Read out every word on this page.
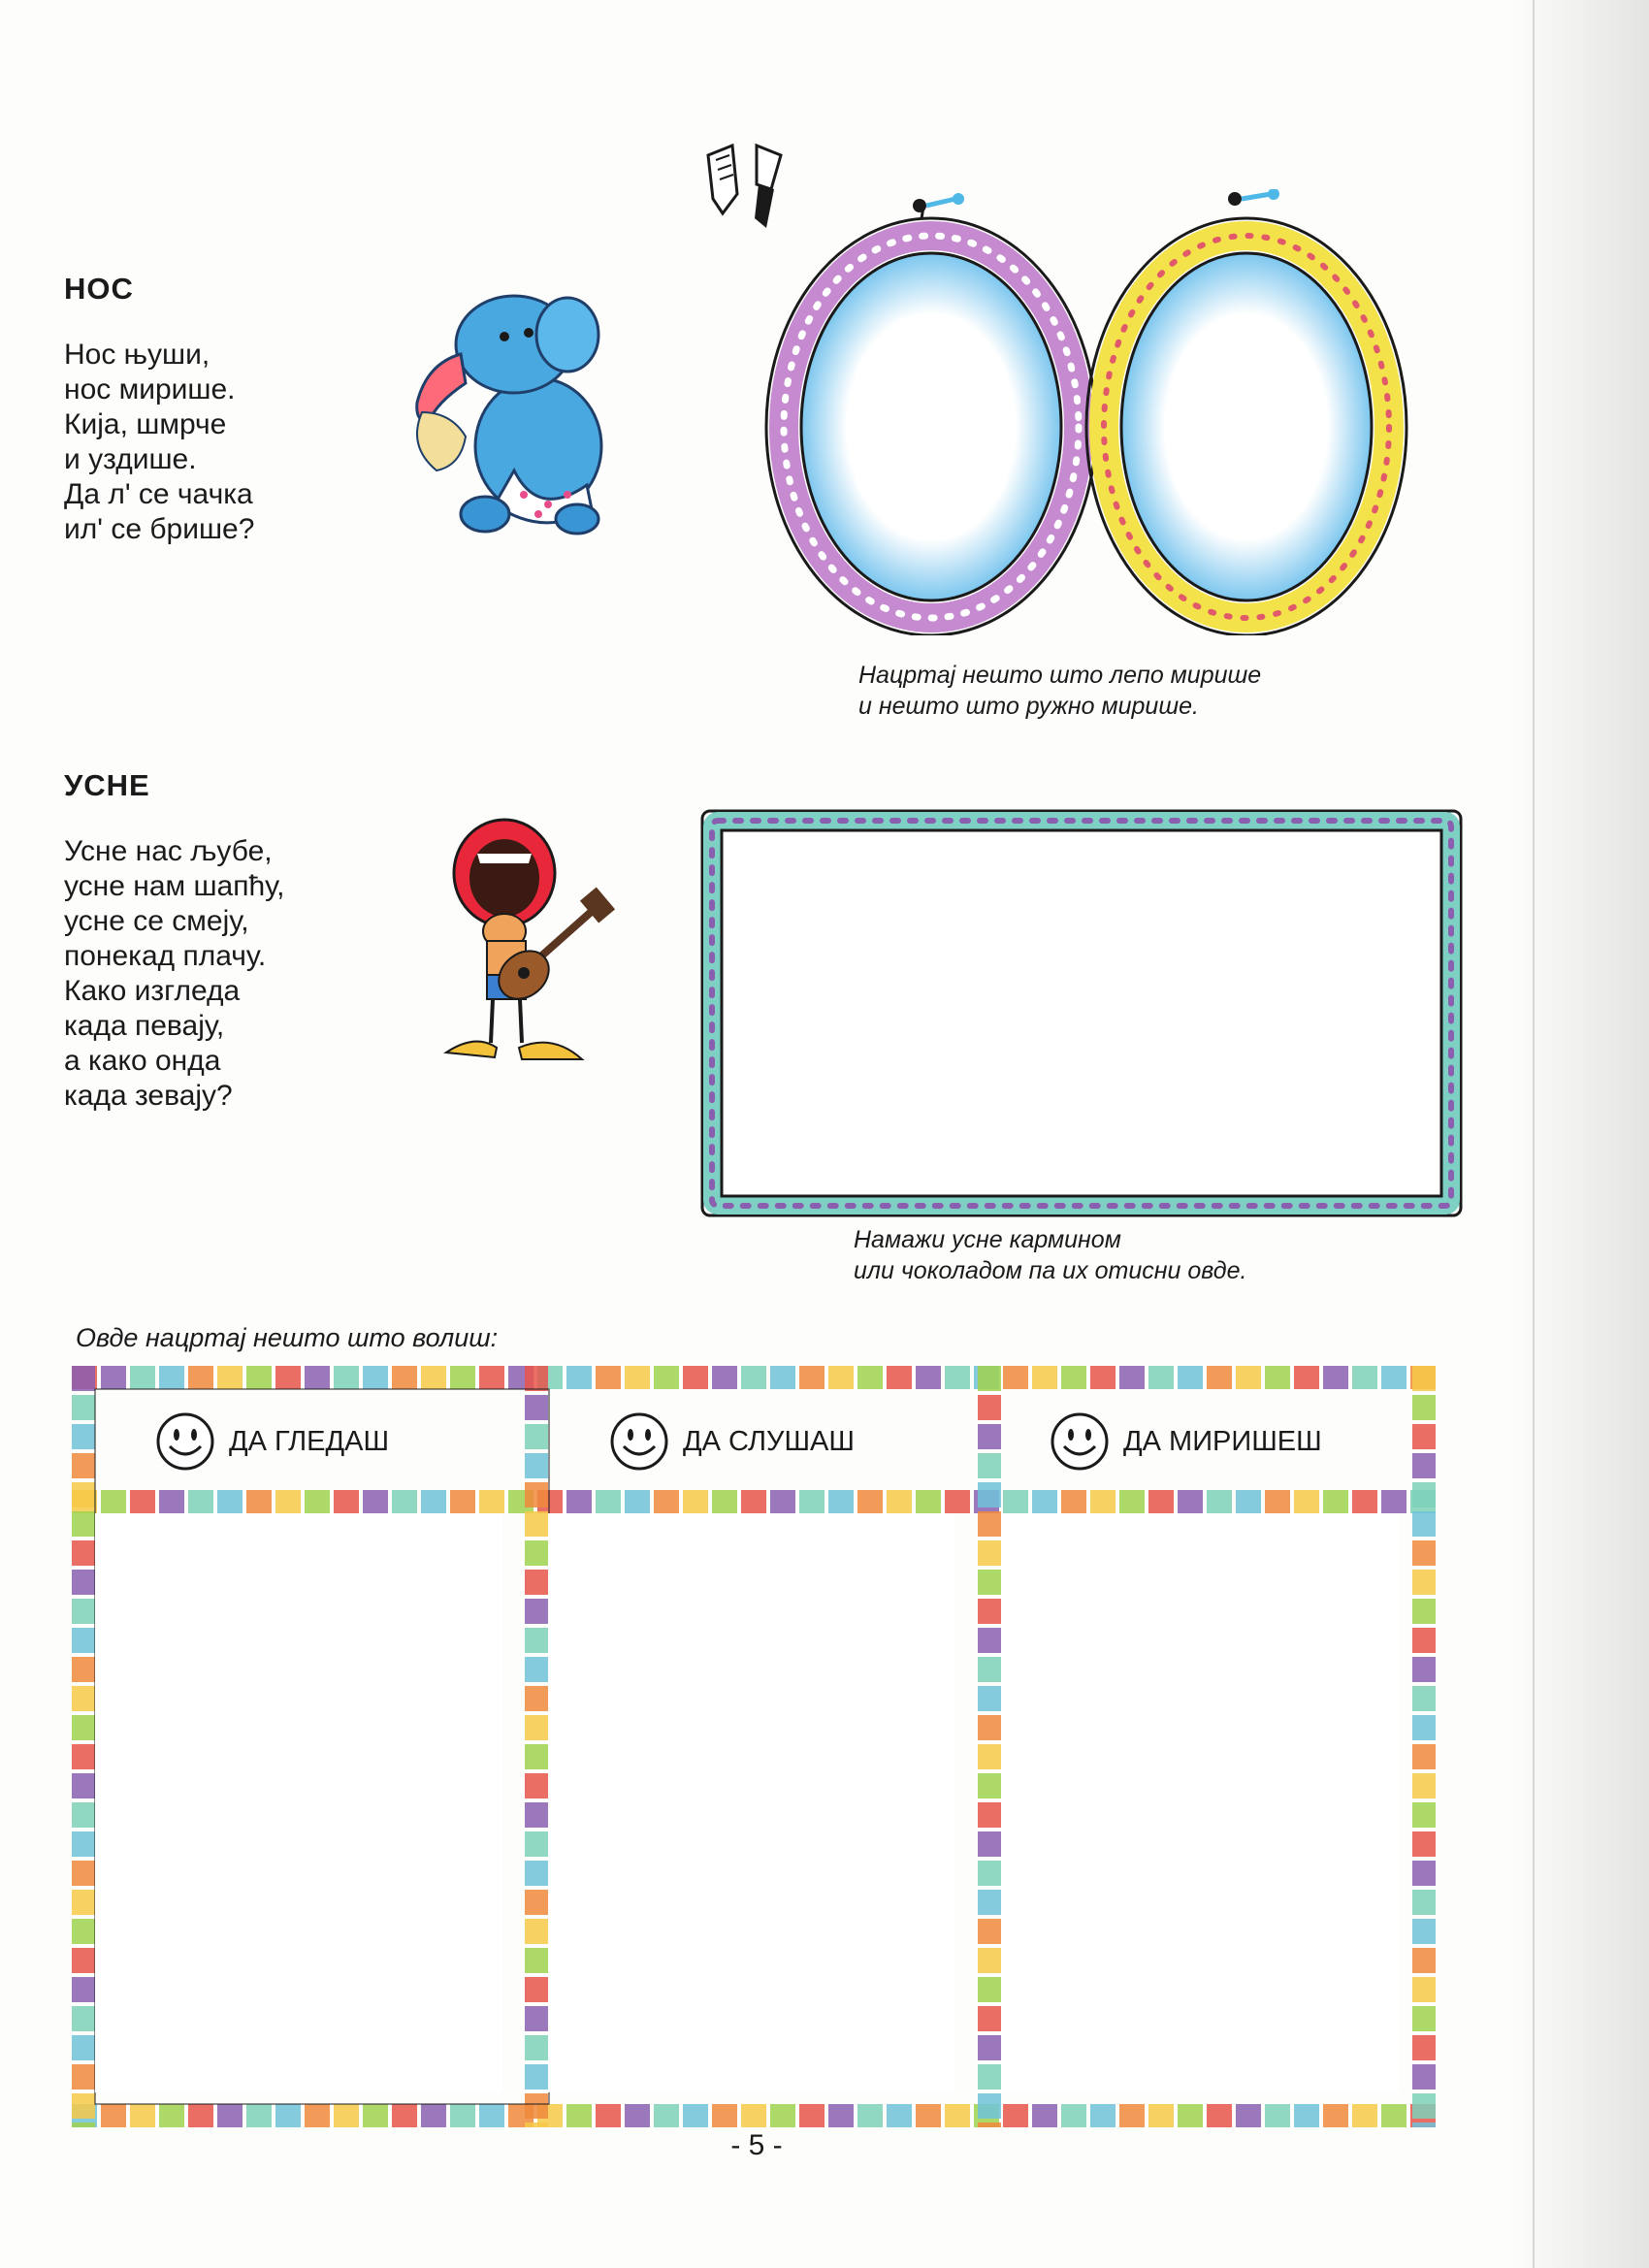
НОС
Нос њуши,
нос мирише.
Кија, шмрче
и уздише.
Да л' се чачка
ил' се брише?
Нацртај нешто што лепо мирише
и нешто што ружно мирише.
УСНЕ
Усне нас љубе,
усне нам шапћу,
усне се смеју,
понекад плачу.
Како изгледа
када певају,
а како онда
када зевају?
Намажи усне кармином
или чоколадом па их отисни овде.
Овде нацртај нешто што волиш:
ДА ГЛЕДАШ	ДА СЛУШАШ	ДА МИРИШЕШ
- 5 -
